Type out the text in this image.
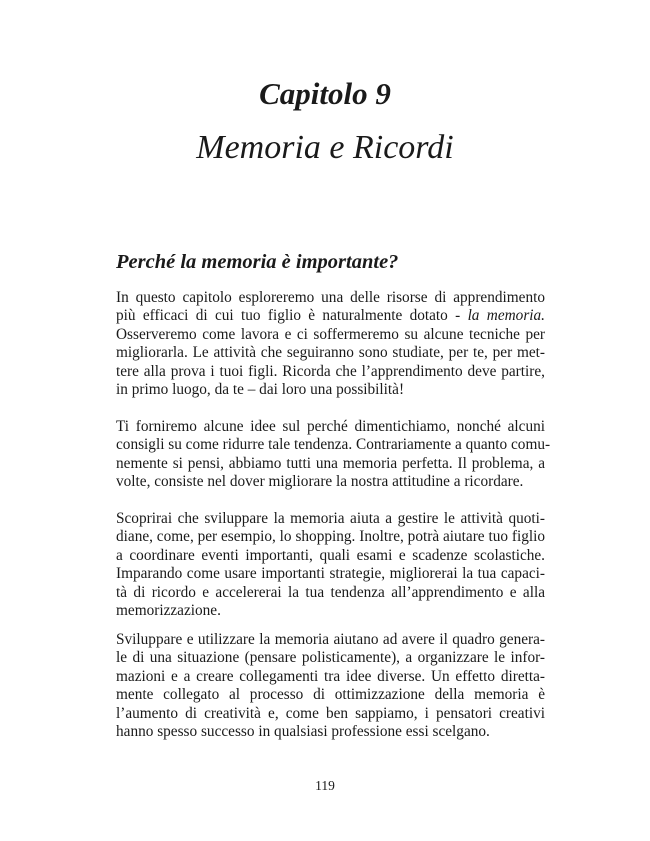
Capitolo 9
Memoria e Ricordi
Perché la memoria è importante?
In questo capitolo esploreremo una delle risorse di apprendimento
più efficaci di cui tuo figlio è naturalmente dotato - la memoria.
Osserveremo come lavora e ci soffermeremo su alcune tecniche per
migliorarla. Le attività che seguiranno sono studiate, per te, per met-
tere alla prova i tuoi figli. Ricorda che l’apprendimento deve partire,
in primo luogo, da te – dai loro una possibilità!
Ti forniremo alcune idee sul perché dimentichiamo, nonché alcuni
consigli su come ridurre tale tendenza. Contrariamente a quanto comu-
nemente si pensi, abbiamo tutti una memoria perfetta. Il problema, a
volte, consiste nel dover migliorare la nostra attitudine a ricordare.
Scoprirai che sviluppare la memoria aiuta a gestire le attività quoti-
diane, come, per esempio, lo shopping. Inoltre, potrà aiutare tuo figlio
a coordinare eventi importanti, quali esami e scadenze scolastiche.
Imparando come usare importanti strategie, migliorerai la tua capaci-
tà di ricordo e accelererai la tua tendenza all’apprendimento e alla
memorizzazione.
Sviluppare e utilizzare la memoria aiutano ad avere il quadro genera-
le di una situazione (pensare polisticamente), a organizzare le infor-
mazioni e a creare collegamenti tra idee diverse. Un effetto diretta-
mente collegato al processo di ottimizzazione della memoria è
l’aumento di creatività e, come ben sappiamo, i pensatori creativi
hanno spesso successo in qualsiasi professione essi scelgano.
119
